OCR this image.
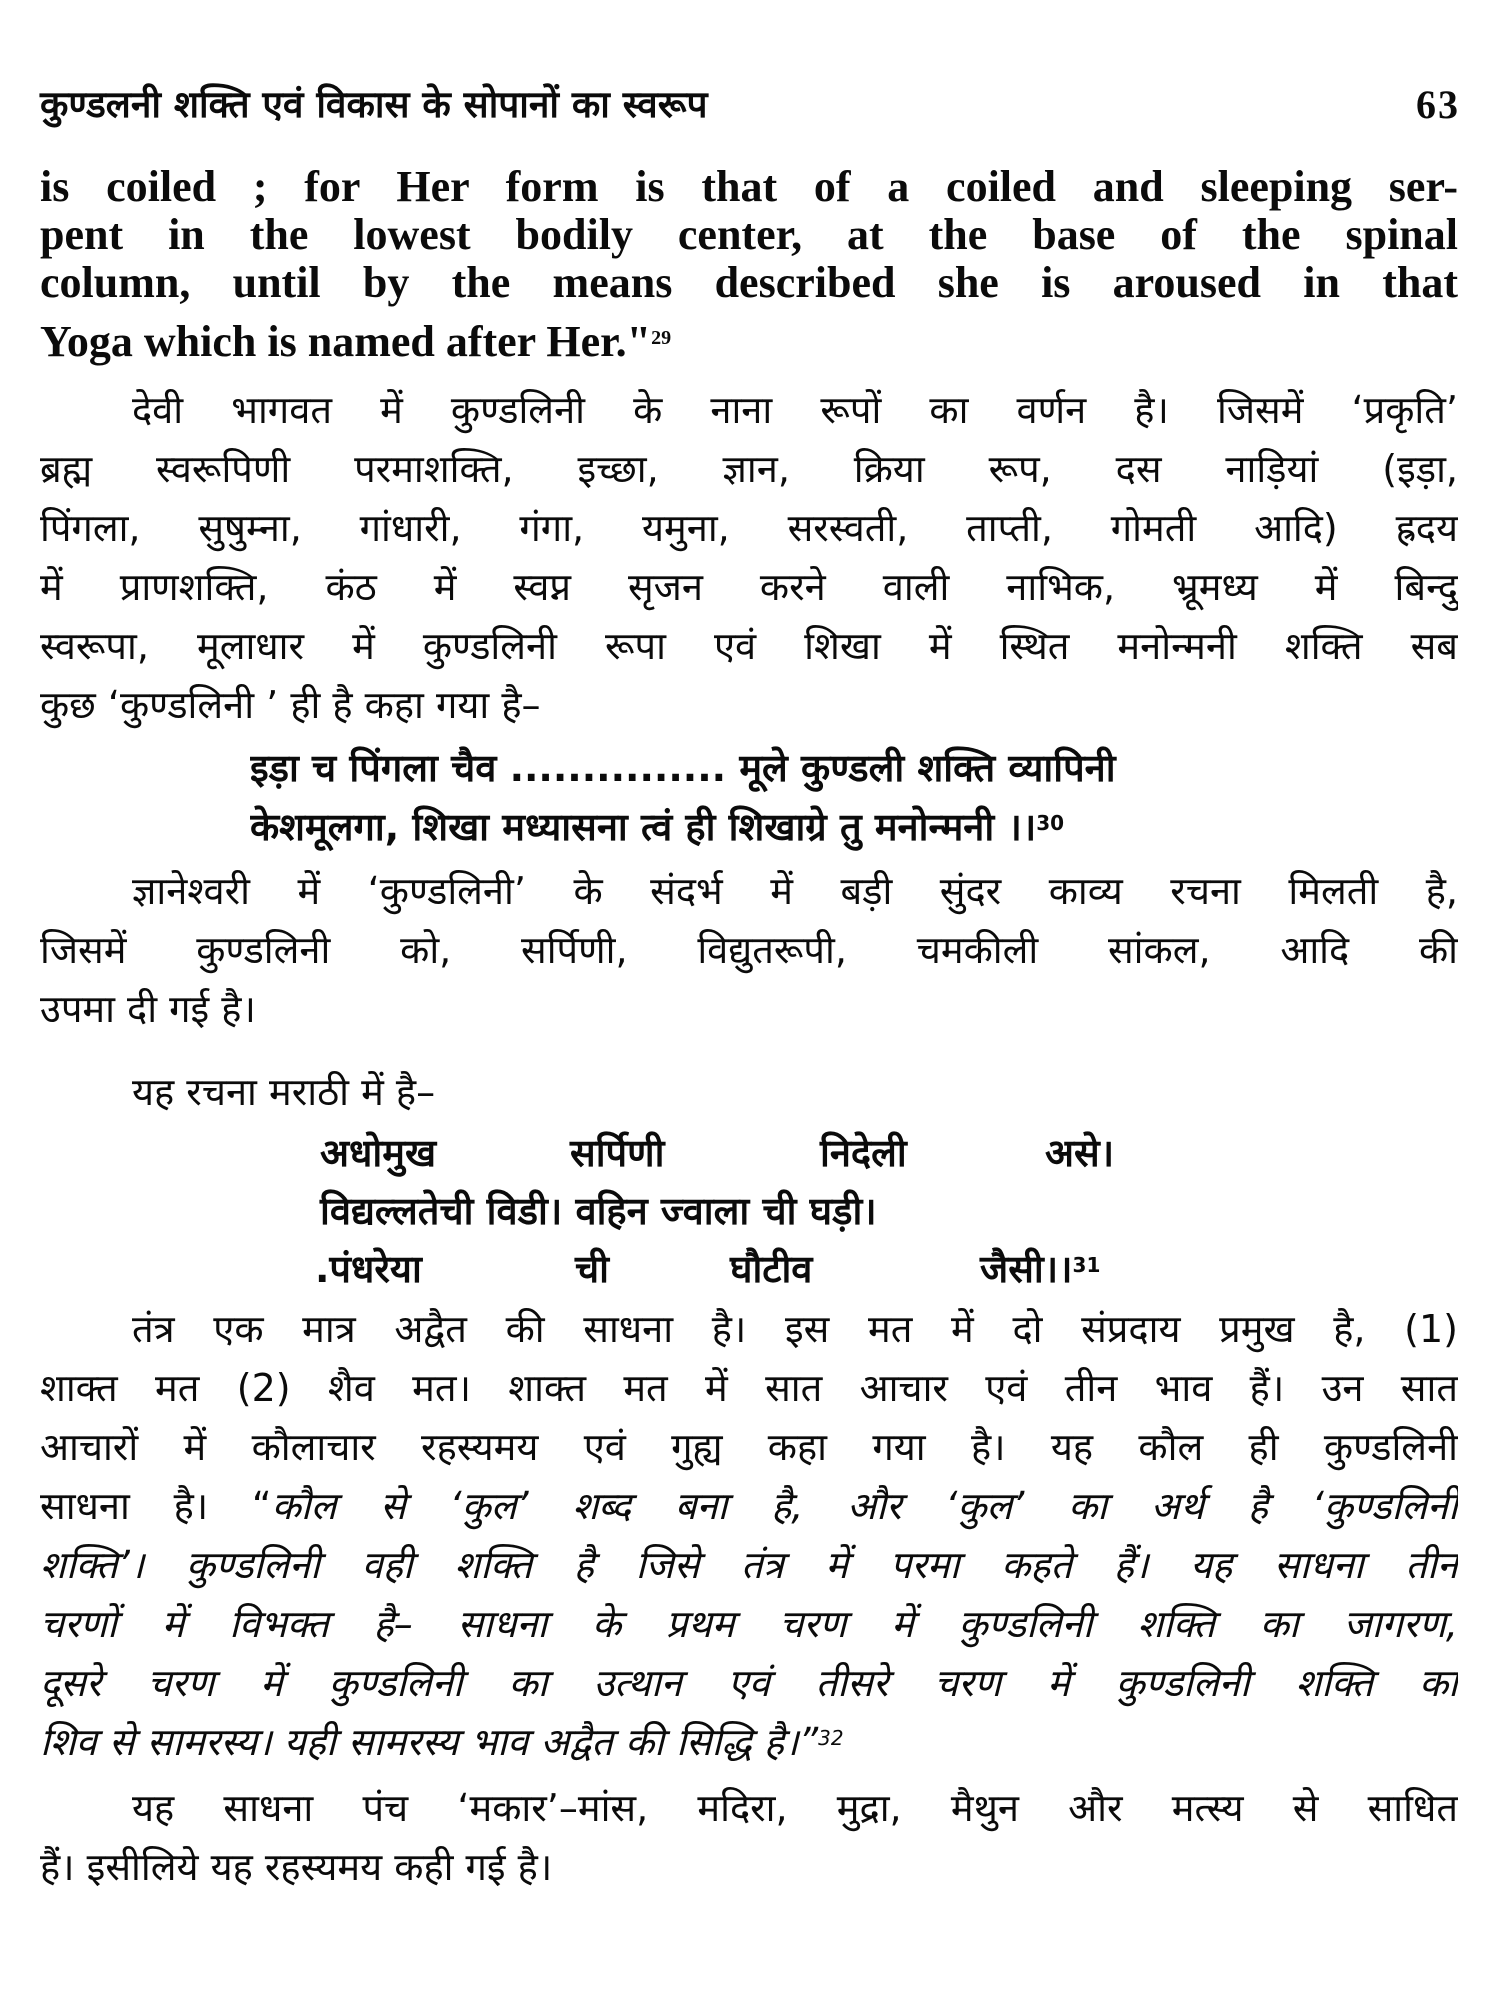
कुण्डलनी शक्ति एवं विकास के सोपानों का स्वरूप	63
is coiled ; for Her form is that of a coiled and sleeping ser-
pent in the lowest bodily center, at the base of the spinal
column, until by the means described she is aroused in that
Yoga which is named after Her."$^{29}$
देवी भागवत में कुण्डलिनी के नाना रूपों का वर्णन है। जिसमें ‘प्रकृति’
ब्रह्म स्वरूपिणी परमाशक्ति, इच्छा, ज्ञान, क्रिया रूप, दस नाड़ियां (इड़ा,
पिंगला, सुषुम्ना, गांधारी, गंगा, यमुना, सरस्वती, ताप्ती, गोमती आदि) ह्रदय
में प्राणशक्ति, कंठ में स्वप्न सृजन करने वाली नाभिक, भ्रूमध्य में बिन्दु
स्वरूपा, मूलाधार में कुण्डलिनी रूपा एवं शिखा में स्थित मनोन्मनी शक्ति सब
कुछ ‘कुण्डलिनी ’ ही है कहा गया है–
इड़ा च पिंगला चैव ............... मूले कुण्डली शक्ति व्यापिनी
केशमूलगा, शिखा मध्यासना त्वं ही शिखाग्रे तु मनोन्मनी ।।$^{30}$
ज्ञानेश्वरी में ‘कुण्डलिनी’ के संदर्भ में बड़ी सुंदर काव्य रचना मिलती है,
जिसमें कुण्डलिनी को, सर्पिणी, विद्युतरूपी, चमकीली सांकल, आदि की
उपमा दी गई है।
यह रचना मराठी में है–
अधोमुख	सर्पिणी	निदेली	असे।
विद्यल्लतेची विडी। वहिन ज्वाला ची घड़ी।
.पंधरेया	ची	घौटीव	जैसी।।$^{31}$
तंत्र एक मात्र अद्वैत की साधना है। इस मत में दो संप्रदाय प्रमुख है, (1)
शाक्त मत (2) शैव मत। शाक्त मत में सात आचार एवं तीन भाव हैं। उन सात
आचारों में कौलाचार रहस्यमय एवं गुह्य कहा गया है। यह कौल ही कुण्डलिनी
साधना है। “कौल से ‘कुल’ शब्द बना है, और ‘कुल’ का अर्थ है ‘कुण्डलिनी
शक्ति’। कुण्डलिनी वही शक्ति है जिसे तंत्र में परमा कहते हैं। यह साधना तीन
चरणों में विभक्त है– साधना के प्रथम चरण में कुण्डलिनी शक्ति का जागरण,
दूसरे चरण में कुण्डलिनी का उत्थान एवं तीसरे चरण में कुण्डलिनी शक्ति का
शिव से सामरस्य। यही सामरस्य भाव अद्वैत की सिद्धि है।”$^{32}$
यह साधना पंच ‘मकार’–मांस, मदिरा, मुद्रा, मैथुन और मत्स्य से साधित
हैं। इसीलिये यह रहस्यमय कही गई है।
